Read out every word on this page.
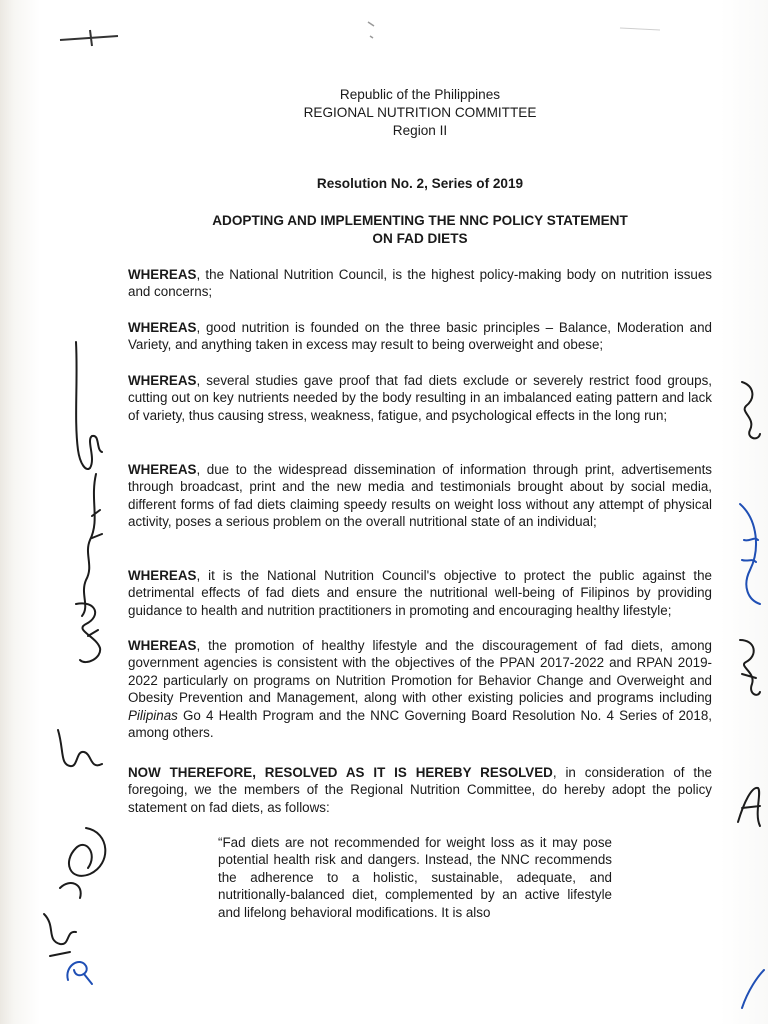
Republic of the Philippines
REGIONAL NUTRITION COMMITTEE
Region II
Resolution No. 2, Series of 2019
ADOPTING AND IMPLEMENTING THE NNC POLICY STATEMENT
ON FAD DIETS

WHEREAS, the National Nutrition Council, is the highest policy-making body on nutrition issues and concerns;

WHEREAS, good nutrition is founded on the three basic principles – Balance, Moderation and Variety, and anything taken in excess may result to being overweight and obese;

WHEREAS, several studies gave proof that fad diets exclude or severely restrict food groups, cutting out on key nutrients needed by the body resulting in an imbalanced eating pattern and lack of variety, thus causing stress, weakness, fatigue, and psychological effects in the long run;

WHEREAS, due to the widespread dissemination of information through print, advertisements through broadcast, print and the new media and testimonials brought about by social media, different forms of fad diets claiming speedy results on weight loss without any attempt of physical activity, poses a serious problem on the overall nutritional state of an individual;

WHEREAS, it is the National Nutrition Council's objective to protect the public against the detrimental effects of fad diets and ensure the nutritional well-being of Filipinos by providing guidance to health and nutrition practitioners in promoting and encouraging healthy lifestyle;

WHEREAS, the promotion of healthy lifestyle and the discouragement of fad diets, among government agencies is consistent with the objectives of the PPAN 2017-2022 and RPAN 2019-2022 particularly on programs on Nutrition Promotion for Behavior Change and Overweight and Obesity Prevention and Management, along with other existing policies and programs including Pilipinas Go 4 Health Program and the NNC Governing Board Resolution No. 4 Series of 2018, among others.

NOW THEREFORE, RESOLVED AS IT IS HEREBY RESOLVED, in consideration of the foregoing, we the members of the Regional Nutrition Committee, do hereby adopt the policy statement on fad diets, as follows:

“Fad diets are not recommended for weight loss as it may pose potential health risk and dangers. Instead, the NNC recommends the adherence to a holistic, sustainable, adequate, and nutritionally-balanced diet, complemented by an active lifestyle and lifelong behavioral modifications. It is also
